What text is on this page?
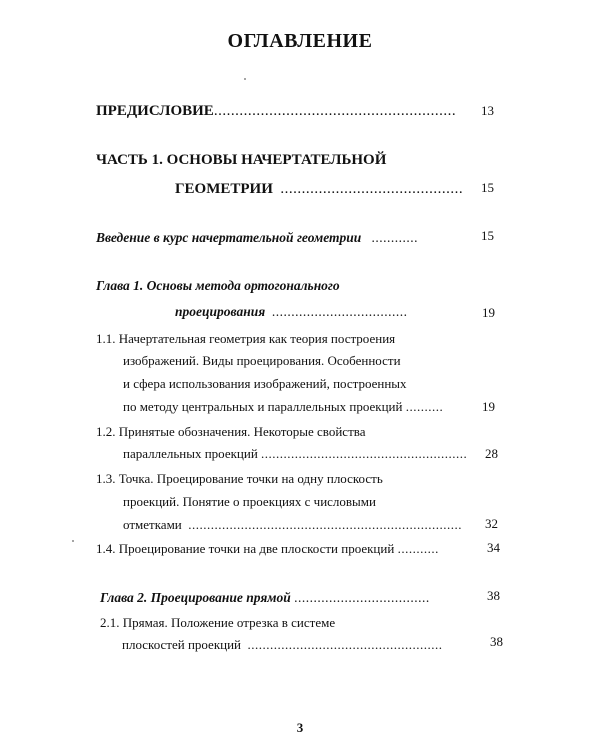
ОГЛАВЛЕНИЕ
ПРЕДИСЛОВИЕ.........................................................	13
ЧАСТЬ 1. ОСНОВЫ НАЧЕРТАТЕЛЬНОЙ
ГЕОМЕТРИИ ...........................................	15
Введение в курс начертательной геометрии ............	15
Глава 1. Основы метода ортогонального
проецирования ...................................	19
1.1. Начертательная геометрия как теория построения
изображений. Виды проецирования. Особенности
и сфера использования изображений, построенных
по методу центральных и параллельных проекций ..........	19
1.2. Принятые обозначения. Некоторые свойства
параллельных проекций .......................................................	28
1.3. Точка. Проецирование точки на одну плоскость
проекций. Понятие о проекциях с числовыми
отметками .........................................................................	32
1.4. Проецирование точки на две плоскости проекций ...........	34
Глава 2. Проецирование прямой ...................................	38
2.1. Прямая. Положение отрезка в системе
плоскостей проекций ....................................................	38
3
